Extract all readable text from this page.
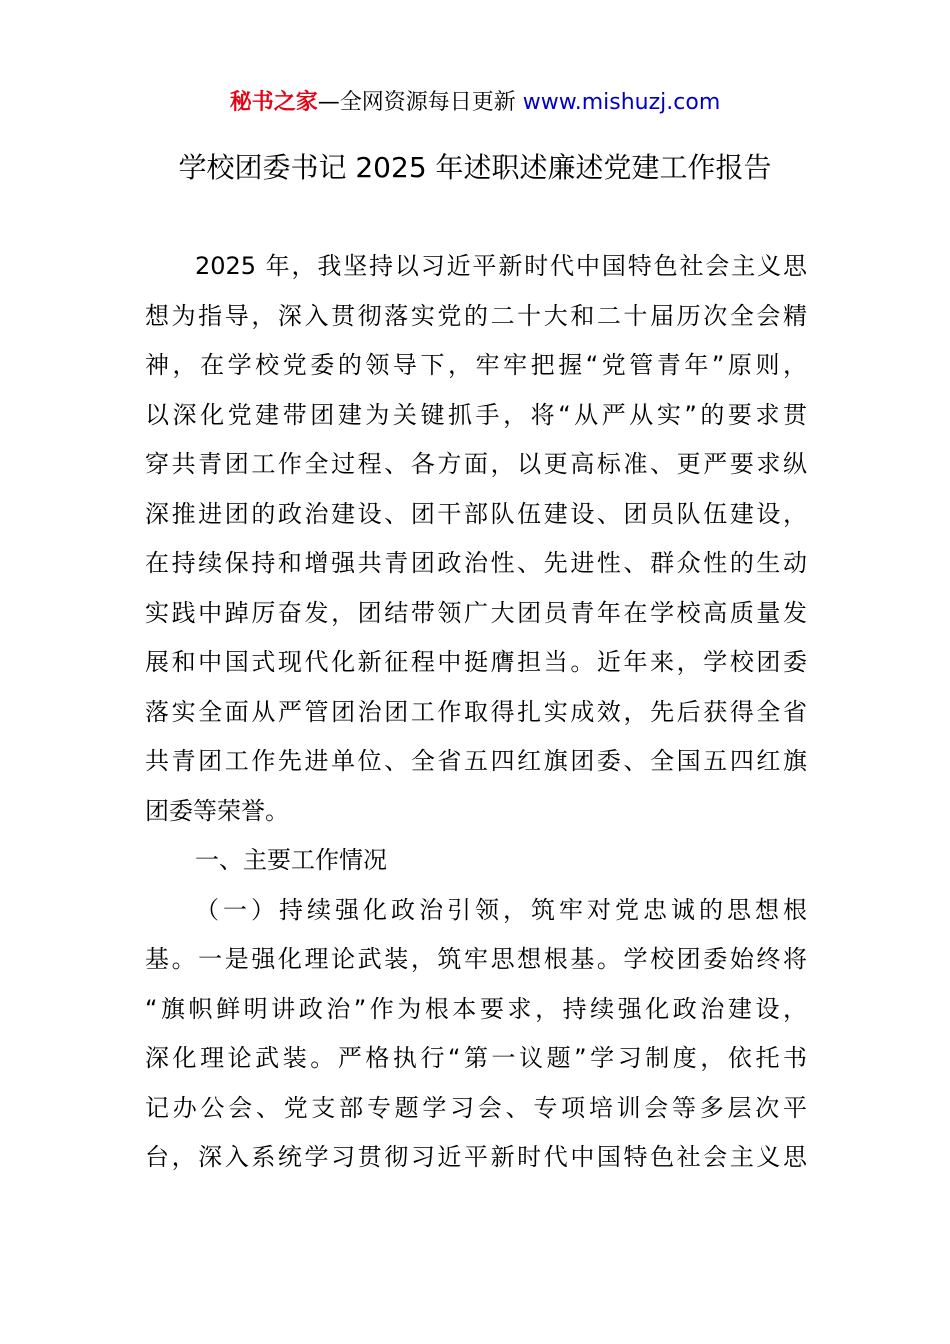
秘书之家—全网资源每日更新 www.mishuzj.com
学校团委书记 2025 年述职述廉述党建工作报告
2025 年，我坚持以习近平新时代中国特色社会主义思
想为指导，深入贯彻落实党的二十大和二十届历次全会精
神，在学校党委的领导下，牢牢把握“党管青年”原则，
以深化党建带团建为关键抓手，将“从严从实”的要求贯
穿共青团工作全过程、各方面，以更高标准、更严要求纵
深推进团的政治建设、团干部队伍建设、团员队伍建设，
在持续保持和增强共青团政治性、先进性、群众性的生动
实践中踔厉奋发，团结带领广大团员青年在学校高质量发
展和中国式现代化新征程中挺膺担当。近年来，学校团委
落实全面从严管团治团工作取得扎实成效，先后获得全省
共青团工作先进单位、全省五四红旗团委、全国五四红旗
团委等荣誉。
一、主要工作情况
（一）持续强化政治引领，筑牢对党忠诚的思想根
基。一是强化理论武装，筑牢思想根基。学校团委始终将
“旗帜鲜明讲政治”作为根本要求，持续强化政治建设，
深化理论武装。严格执行“第一议题”学习制度，依托书
记办公会、党支部专题学习会、专项培训会等多层次平
台，深入系统学习贯彻习近平新时代中国特色社会主义思
